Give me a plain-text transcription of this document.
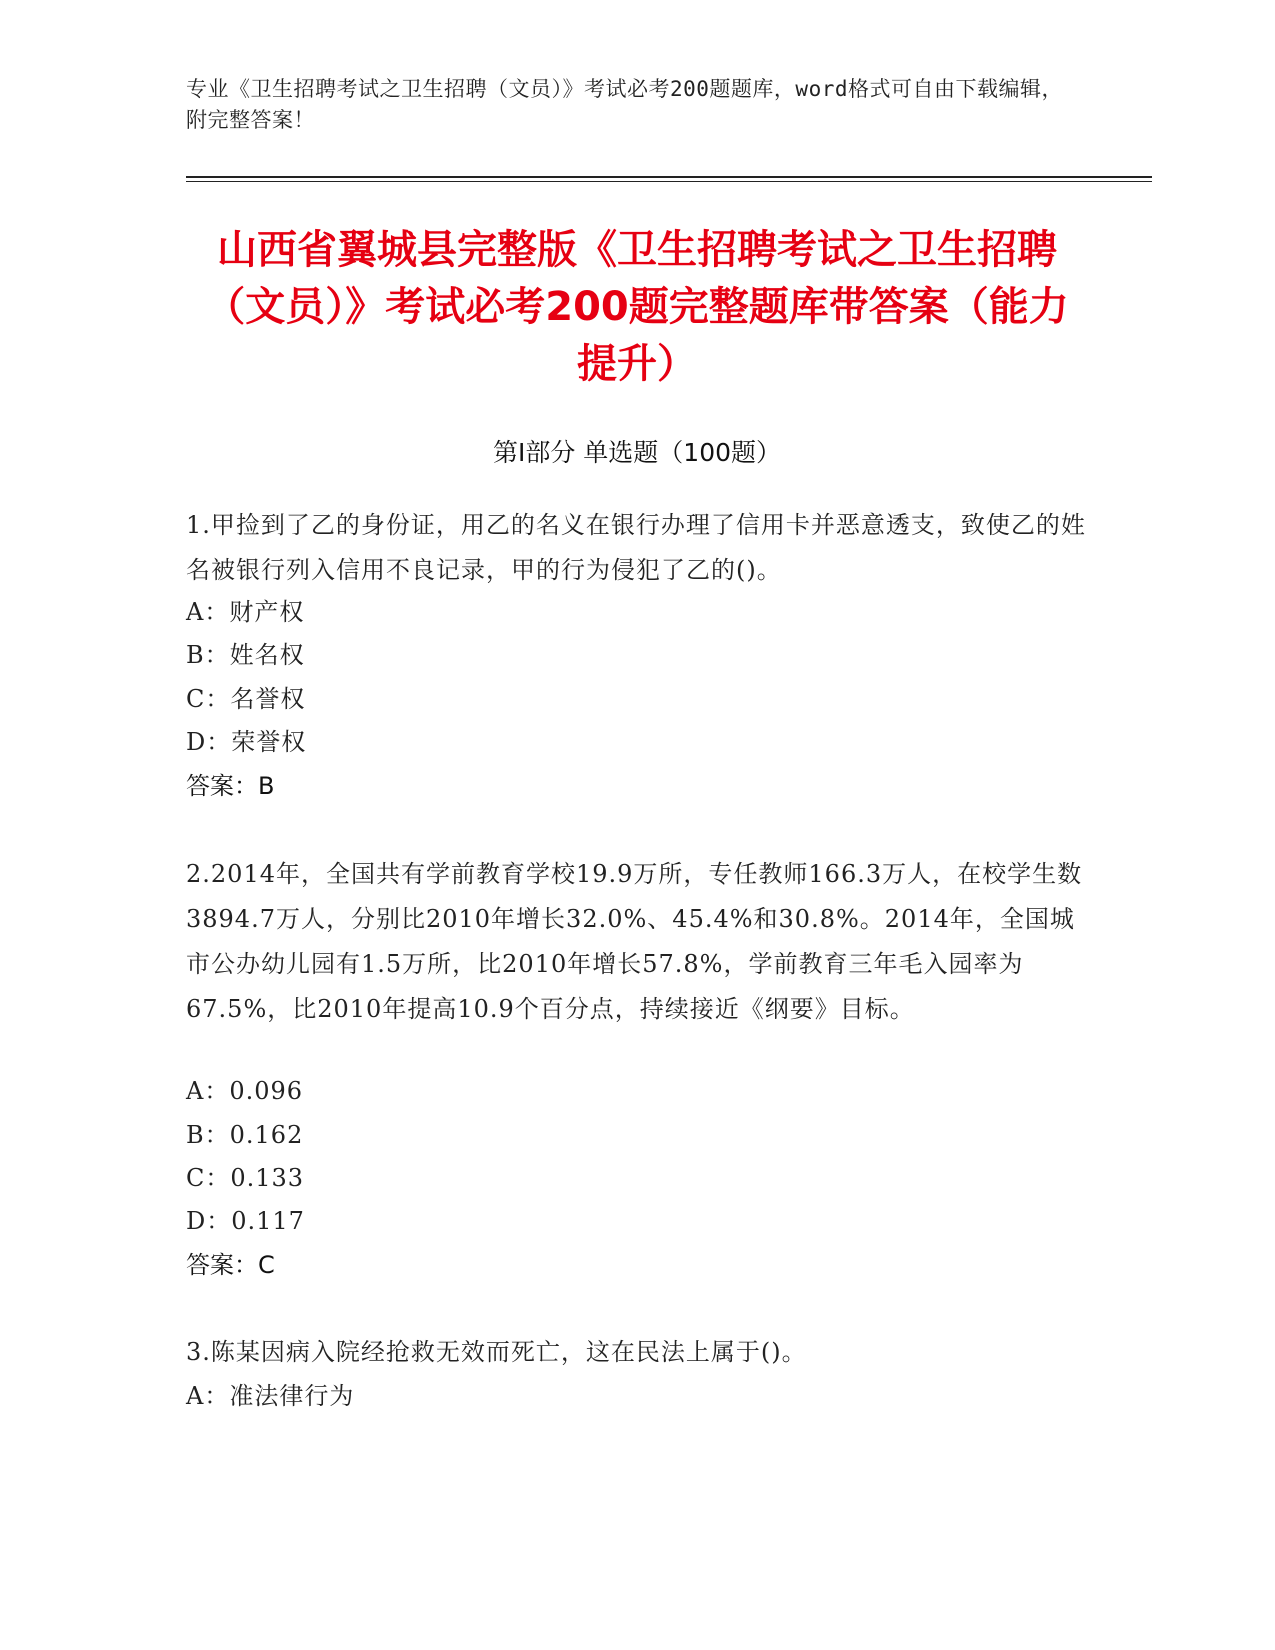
专业《卫生招聘考试之卫生招聘（文员）》考试必考200题题库，word格式可自由下载编辑，附完整答案！
山西省翼城县完整版《卫生招聘考试之卫生招聘（文员）》考试必考200题完整题库带答案（能力提升）
第I部分 单选题（100题）
1.甲捡到了乙的身份证，用乙的名义在银行办理了信用卡并恶意透支，致使乙的姓名被银行列入信用不良记录，甲的行为侵犯了乙的()。
A：财产权
B：姓名权
C：名誉权
D：荣誉权
答案：B
2.2014年，全国共有学前教育学校19.9万所，专任教师166.3万人，在校学生数3894.7万人，分别比2010年增长32.0%、45.4%和30.8%。2014年，全国城市公办幼儿园有1.5万所，比2010年增长57.8%，学前教育三年毛入园率为67.5%，比2010年提高10.9个百分点，持续接近《纲要》目标。
A：0.096
B：0.162
C：0.133
D：0.117
答案：C
3.陈某因病入院经抢救无效而死亡，这在民法上属于()。
A：准法律行为
